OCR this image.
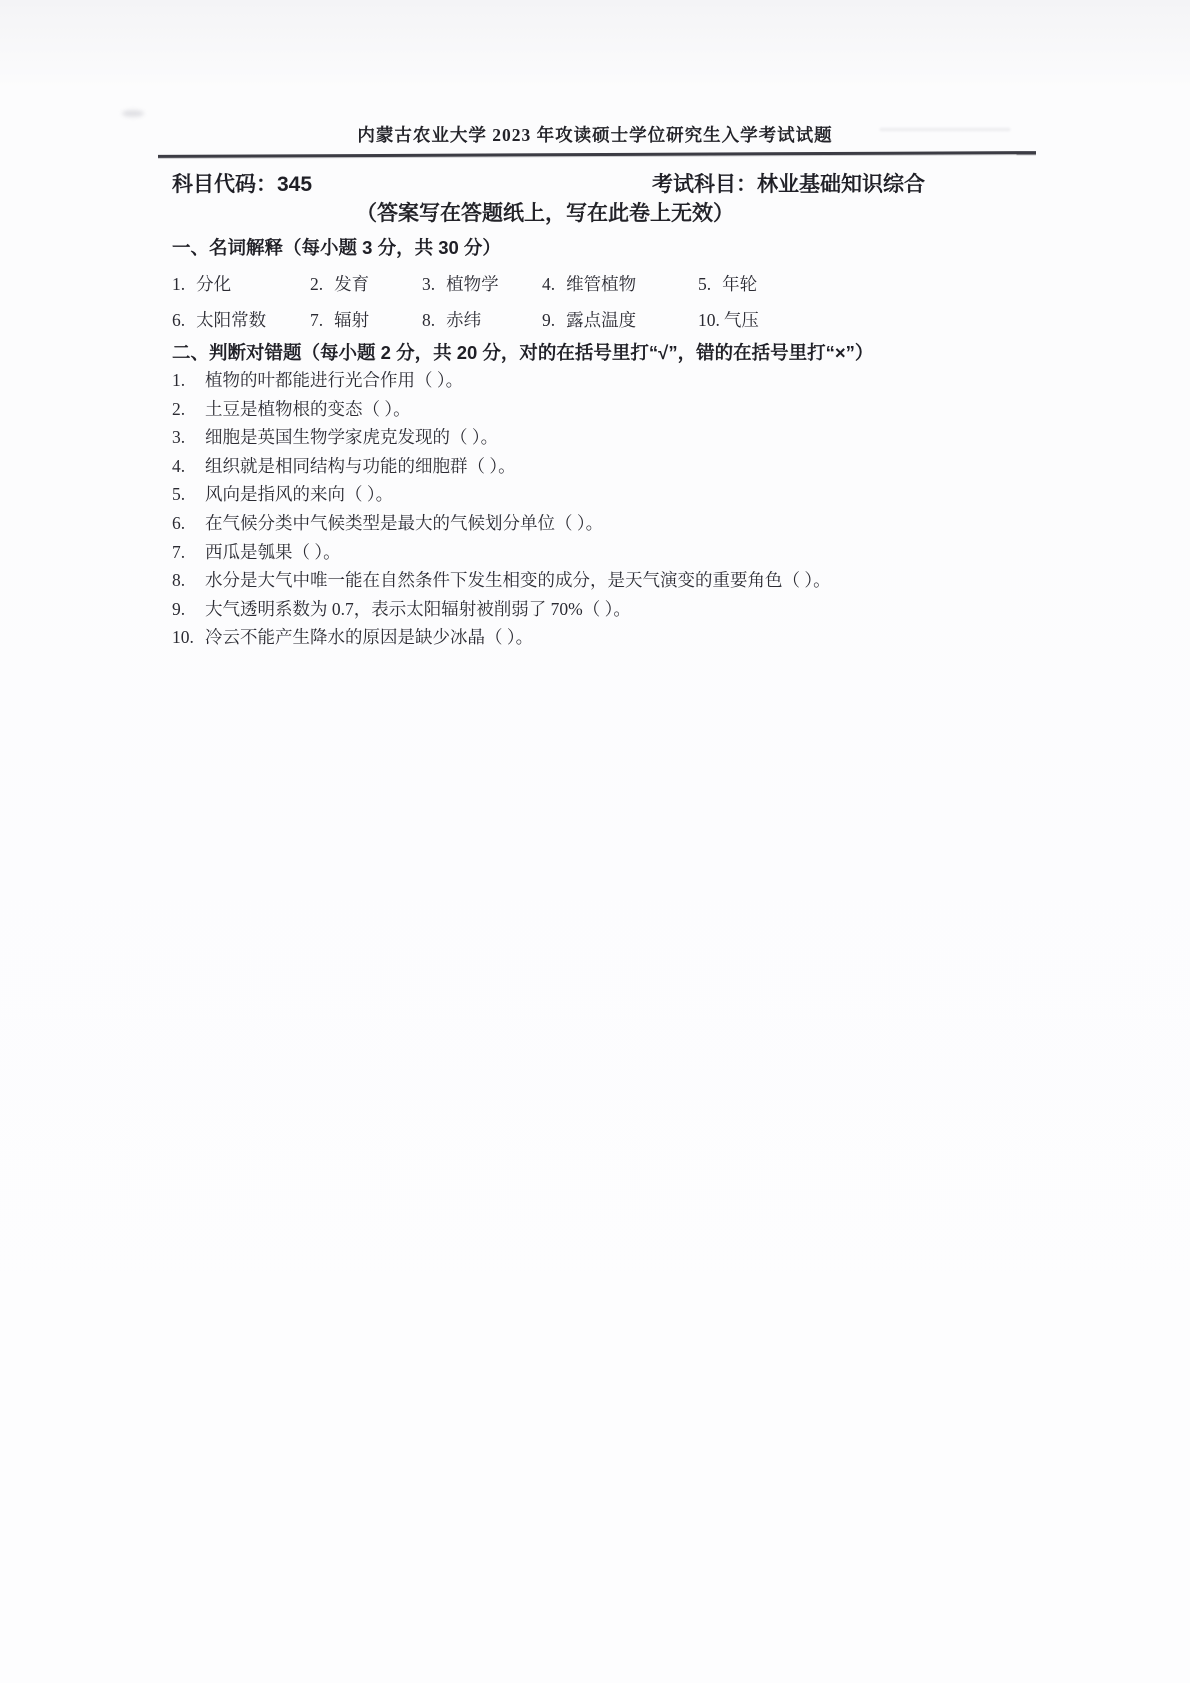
内蒙古农业大学 2023 年攻读硕士学位研究生入学考试试题
科目代码：345	考试科目：林业基础知识综合
（答案写在答题纸上，写在此卷上无效）
一、名词解释（每小题 3 分，共 30 分）
1. 分化	2. 发育	3. 植物学	4. 维管植物	5. 年轮
6. 太阳常数	7. 辐射	8. 赤纬	9. 露点温度	10. 气压
二、判断对错题（每小题 2 分，共 20 分，对的在括号里打“√”，错的在括号里打“×”）
1. 植物的叶都能进行光合作用（ ）。
2. 土豆是植物根的变态（ ）。
3. 细胞是英国生物学家虎克发现的（ ）。
4. 组织就是相同结构与功能的细胞群（ ）。
5. 风向是指风的来向（ ）。
6. 在气候分类中气候类型是最大的气候划分单位（ ）。
7. 西瓜是瓠果（ ）。
8. 水分是大气中唯一能在自然条件下发生相变的成分，是天气演变的重要角色（ ）。
9. 大气透明系数为 0.7，表示太阳辐射被削弱了 70%（ ）。
10. 冷云不能产生降水的原因是缺少冰晶（ ）。
